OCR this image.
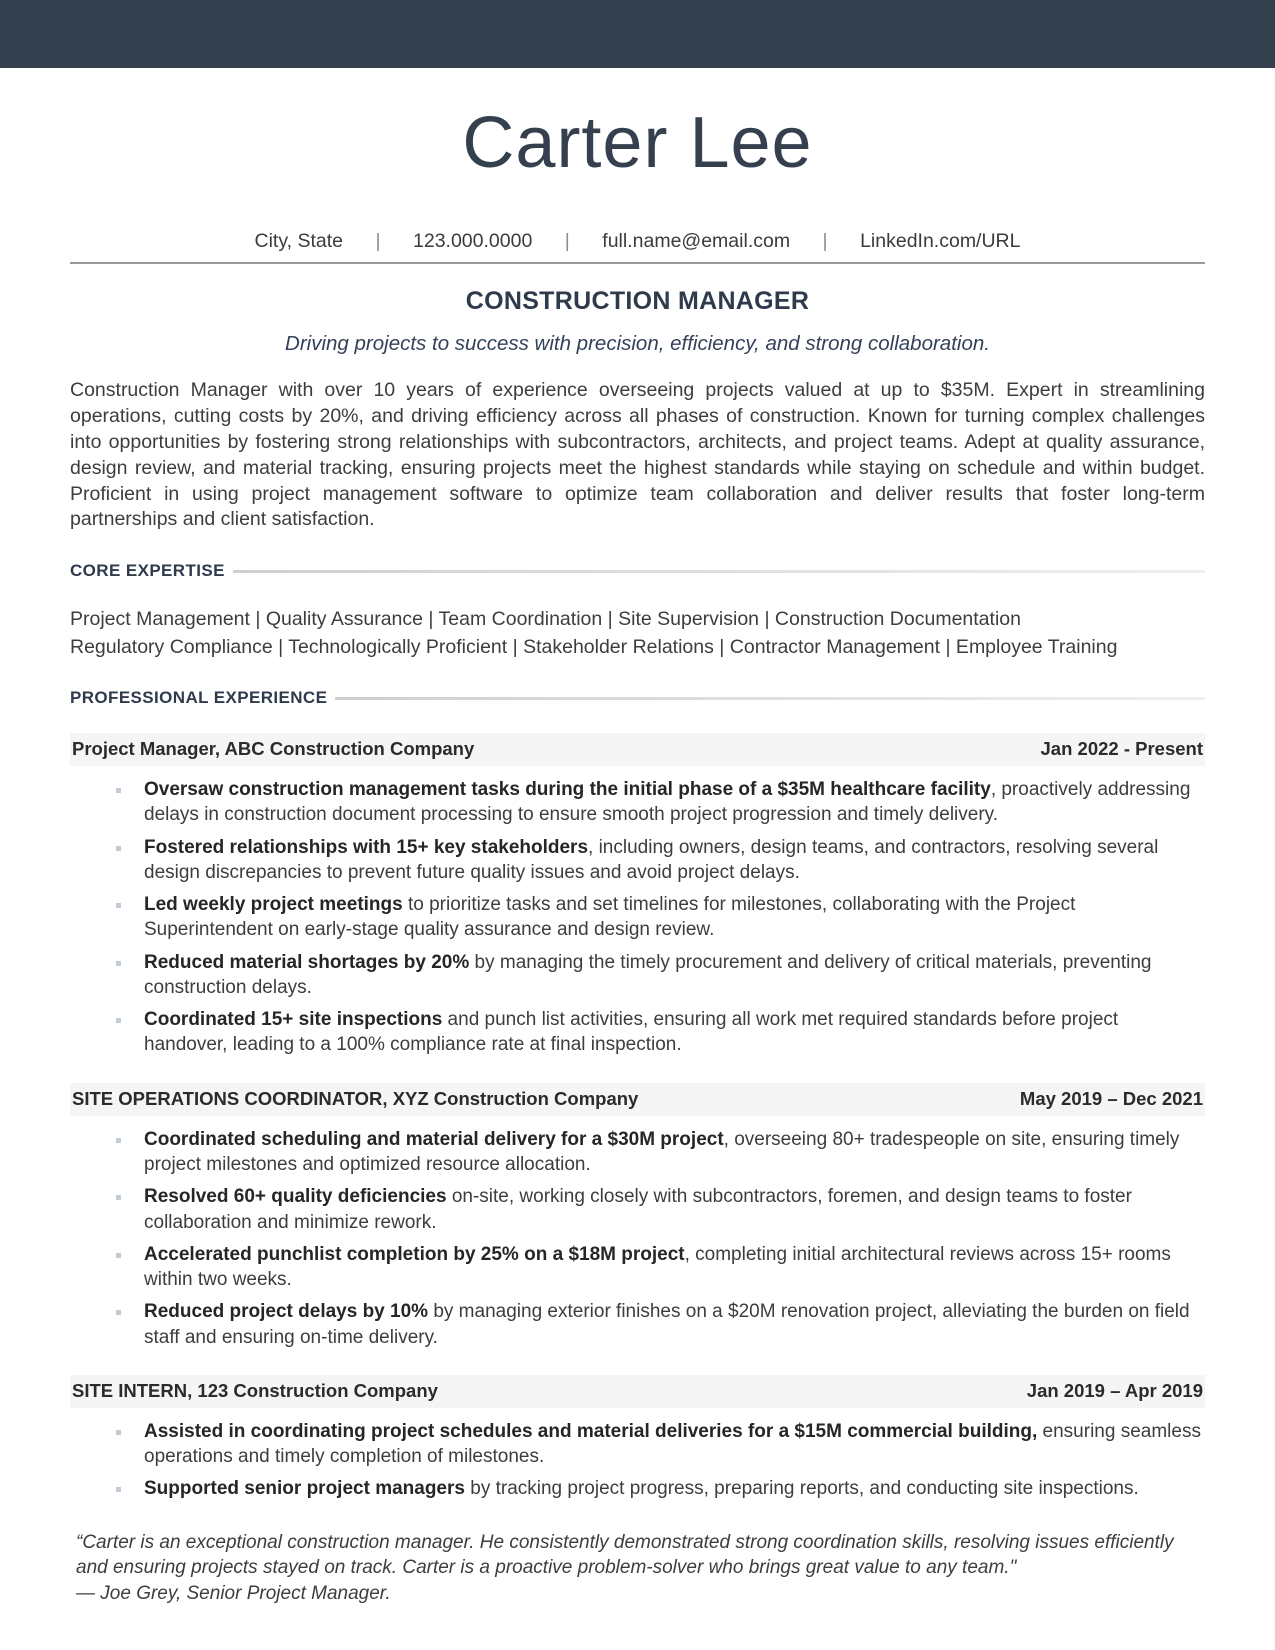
Carter Lee
City, State	|	123.000.0000	|	full.name@email.com	|	LinkedIn.com/URL
CONSTRUCTION MANAGER
Driving projects to success with precision, efficiency, and strong collaboration.

Construction Manager with over 10 years of experience overseeing projects valued at up to $35M. Expert in streamlining operations, cutting costs by 20%, and driving efficiency across all phases of construction. Known for turning complex challenges into opportunities by fostering strong relationships with subcontractors, architects, and project teams. Adept at quality assurance, design review, and material tracking, ensuring projects meet the highest standards while staying on schedule and within budget. Proficient in using project management software to optimize team collaboration and deliver results that foster long-term partnerships and client satisfaction.

CORE EXPERTISE
Project Management | Quality Assurance | Team Coordination | Site Supervision | Construction Documentation
Regulatory Compliance | Technologically Proficient | Stakeholder Relations | Contractor Management | Employee Training
PROFESSIONAL EXPERIENCE
Project Manager, ABC Construction Company	Jan 2022 - Present
Oversaw construction management tasks during the initial phase of a $35M healthcare facility, proactively addressing delays in construction document processing to ensure smooth project progression and timely delivery.
Fostered relationships with 15+ key stakeholders, including owners, design teams, and contractors, resolving several design discrepancies to prevent future quality issues and avoid project delays.
Led weekly project meetings to prioritize tasks and set timelines for milestones, collaborating with the Project Superintendent on early-stage quality assurance and design review.
Reduced material shortages by 20% by managing the timely procurement and delivery of critical materials, preventing construction delays.
Coordinated 15+ site inspections and punch list activities, ensuring all work met required standards before project handover, leading to a 100% compliance rate at final inspection.
SITE OPERATIONS COORDINATOR, XYZ Construction Company	May 2019 – Dec 2021
Coordinated scheduling and material delivery for a $30M project, overseeing 80+ tradespeople on site, ensuring timely project milestones and optimized resource allocation.
Resolved 60+ quality deficiencies on-site, working closely with subcontractors, foremen, and design teams to foster collaboration and minimize rework.
Accelerated punchlist completion by 25% on a $18M project, completing initial architectural reviews across 15+ rooms within two weeks.
Reduced project delays by 10% by managing exterior finishes on a $20M renovation project, alleviating the burden on field staff and ensuring on-time delivery.
SITE INTERN, 123 Construction Company	Jan 2019 – Apr 2019
Assisted in coordinating project schedules and material deliveries for a $15M commercial building, ensuring seamless operations and timely completion of milestones.
Supported senior project managers by tracking project progress, preparing reports, and conducting site inspections.
“Carter is an exceptional construction manager. He consistently demonstrated strong coordination skills, resolving issues efficiently and ensuring projects stayed on track. Carter is a proactive problem-solver who brings great value to any team."
— Joe Grey, Senior Project Manager.
